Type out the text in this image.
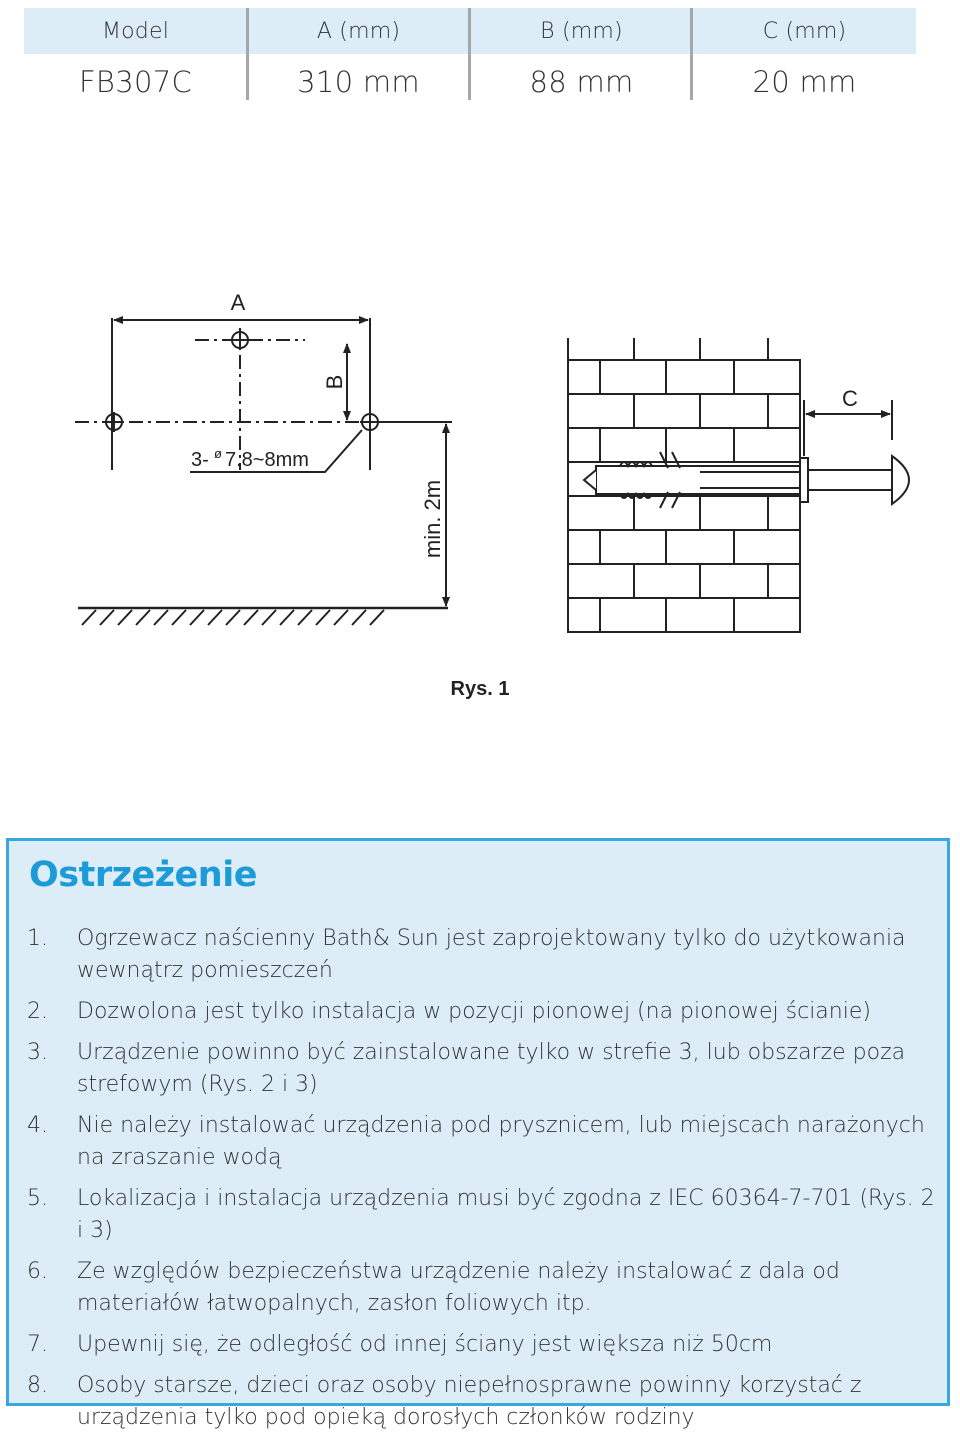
Model	A (mm)	B (mm)	C (mm)
FB307C	310 mm	88 mm	20 mm
A
B
3- ø 7.8~8mm
min. 2m
C
Rys. 1
Ostrzeżenie
1.	Ogrzewacz naścienny Bath& Sun jest zaprojektowany tylko do użytkowania wewnątrz pomieszczeń
2.	Dozwolona jest tylko instalacja w pozycji pionowej (na pionowej ścianie)
3.	Urządzenie powinno być zainstalowane tylko w strefie 3, lub obszarze poza strefowym (Rys. 2 i 3)
4.	Nie należy instalować urządzenia pod prysznicem, lub miejscach narażonych na zraszanie wodą
5.	Lokalizacja i instalacja urządzenia musi być zgodna z IEC 60364-7-701 (Rys. 2 i 3)
6.	Ze względów bezpieczeństwa urządzenie należy instalować z dala od materiałów łatwopalnych, zasłon foliowych itp.
7.	Upewnij się, że odległość od innej ściany jest większa niż 50cm
8.	Osoby starsze, dzieci oraz osoby niepełnosprawne powinny korzystać z urządzenia tylko pod opieką dorosłych członków rodziny
